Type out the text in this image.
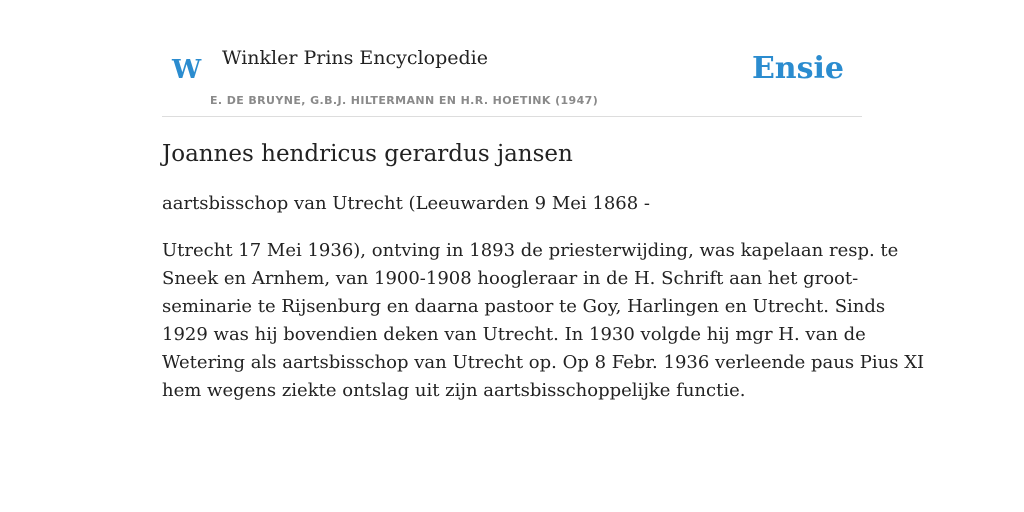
W Winkler Prins Encyclopedie
E. DE BRUYNE, G.B.J. HILTERMANN EN H.R. HOETINK (1947)
Ensie
Joannes hendricus gerardus jansen

aartsbisschop van Utrecht (Leeuwarden 9 Mei 1868 -

Utrecht 17 Mei 1936), ontving in 1893 de priesterwijding, was kapelaan resp. te
Sneek en Arnhem, van 1900-1908 hoogleraar in de H. Schrift aan het groot-
seminarie te Rijsenburg en daarna pastoor te Goy, Harlingen en Utrecht. Sinds
1929 was hij bovendien deken van Utrecht. In 1930 volgde hij mgr H. van de
Wetering als aartsbisschop van Utrecht op. Op 8 Febr. 1936 verleende paus Pius XI
hem wegens ziekte ontslag uit zijn aartsbisschoppelijke functie.
